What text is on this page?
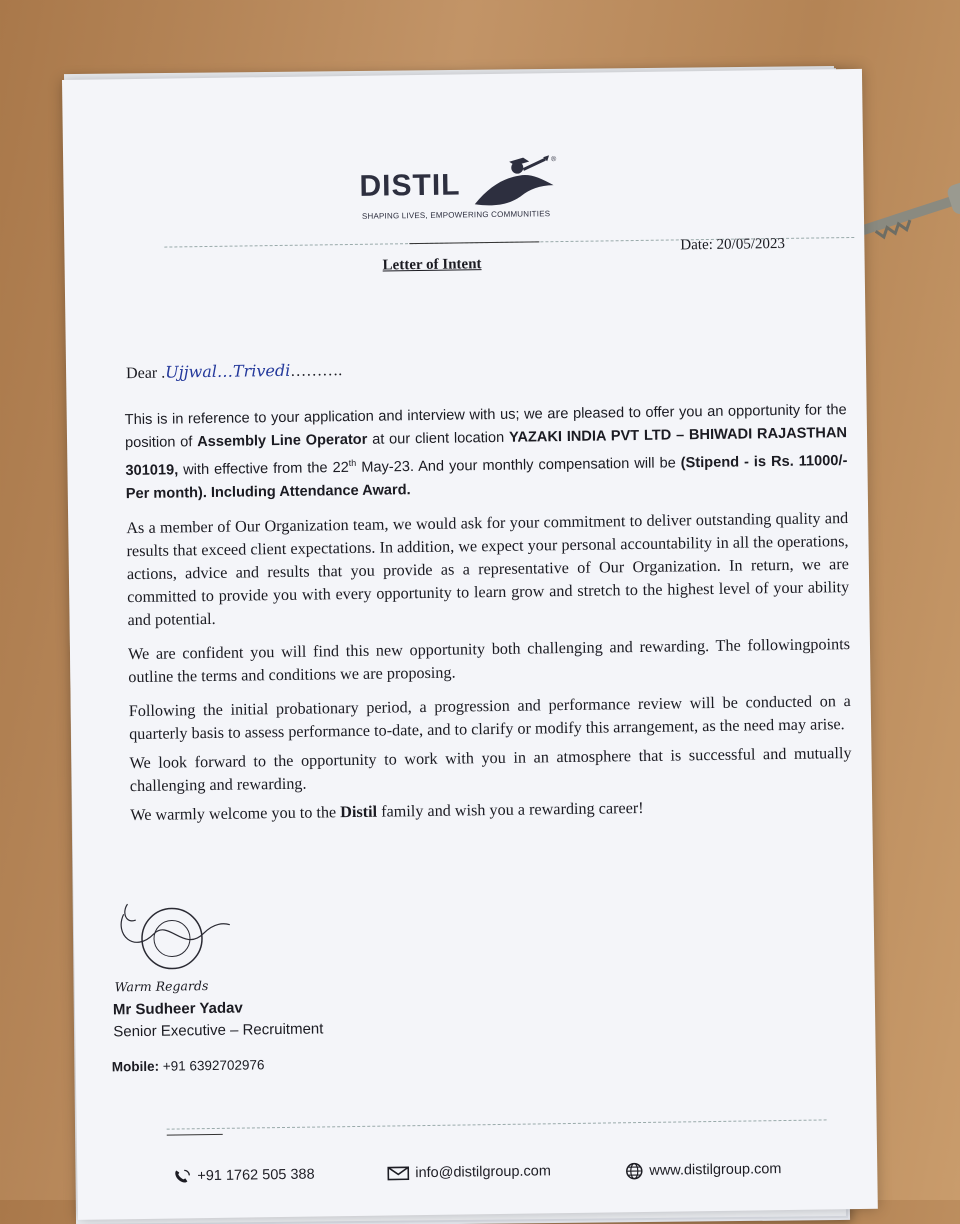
DISTIL
®
SHAPING LIVES, EMPOWERING COMMUNITIES
Letter of Intent
Date: 20/05/2023
Dear .Ujjwal…Trivedi……….

This is in reference to your application and interview with us; we are pleased to offer you an opportunity for the position of Assembly Line Operator at our client location YAZAKI INDIA PVT LTD – BHIWADI RAJASTHAN 301019, with effective from the 22th May-23. And your monthly compensation will be (Stipend - is Rs. 11000/- Per month). Including Attendance Award.

As a member of Our Organization team, we would ask for your commitment to deliver outstanding quality and results that exceed client expectations. In addition, we expect your personal accountability in all the operations, actions, advice and results that you provide as a representative of Our Organization. In return, we are committed to provide you with every opportunity to learn grow and stretch to the highest level of your ability and potential.

We are confident you will find this new opportunity both challenging and rewarding. The followingpoints outline the terms and conditions we are proposing.

Following the initial probationary period, a progression and performance review will be conducted on a quarterly basis to assess performance to-date, and to clarify or modify this arrangement, as the need may arise.

We look forward to the opportunity to work with you in an atmosphere that is successful and mutually challenging and rewarding.

We warmly welcome you to the Distil family and wish you a rewarding career!

Warm Regards
Mr Sudheer Yadav
Senior Executive – Recruitment
Mobile: +91 6392702976
+91 1762 505 388	info@distilgroup.com	www.distilgroup.com
